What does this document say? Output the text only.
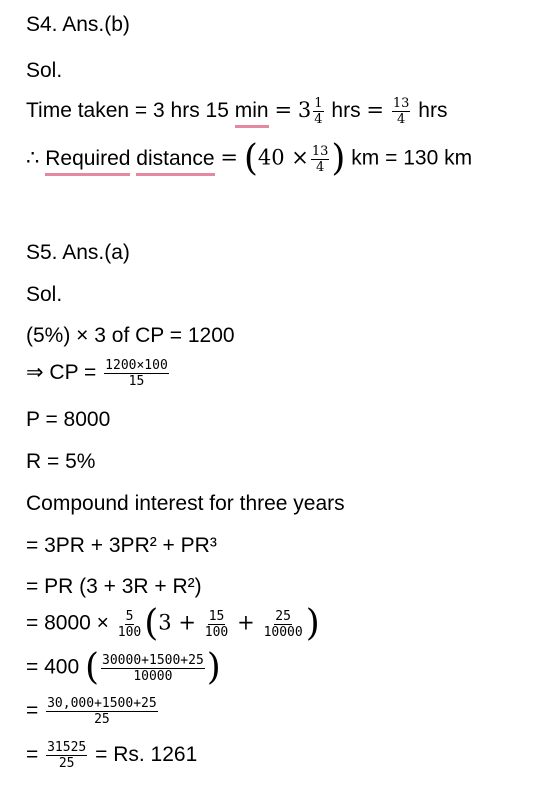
S4. Ans.(b)
Sol.
Time taken = 3 hrs 15 $\min = 3 \frac{1}{4}$ hrs = $\frac{13}{4}$ hrs
∴ Required distance = ($40 \times \frac{13}{4}$ ) km = 130 km
S5. Ans.(a)
Sol.
(5%) × 3 of CP = 1200
⇒ CP = $\frac{1200\times 100}{15}$
P = 8000
R = 5%
Compound interest for three years
= 3PR + 3PR² + PR³
= PR (3 + 3R + R²)
= $8000 \times \frac{5}{100} (3 + \frac{15}{100} + \frac{25}{10000}$ )
= 400 ( $\frac{30000+1500+25}{10000}$ )
= $\frac{30,000+1500+25}{25}$
= $\frac{31525}{25} = Rs$. 1261
